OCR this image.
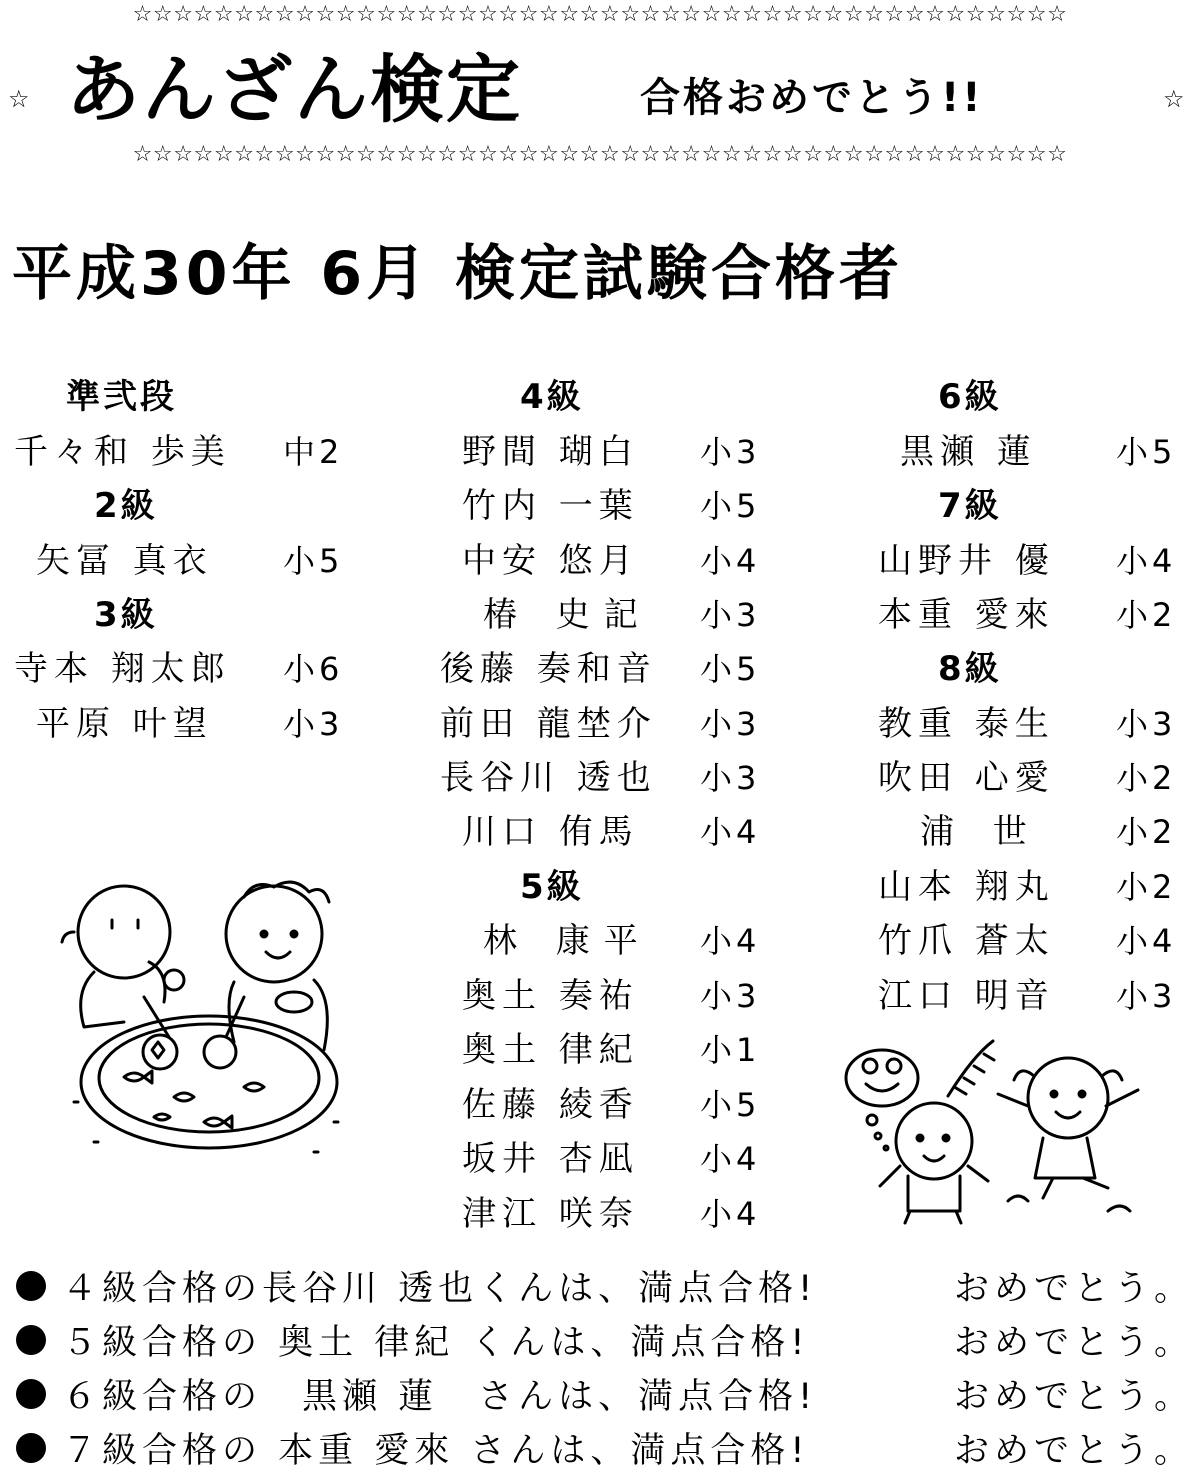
☆☆☆☆☆☆☆☆☆☆☆☆☆☆☆☆☆☆☆☆☆☆☆☆☆☆☆☆☆☆☆☆☆☆☆☆☆☆☆☆☆☆☆☆☆☆
☆ あんざん検定	合格おめでとう!!	☆
☆☆☆☆☆☆☆☆☆☆☆☆☆☆☆☆☆☆☆☆☆☆☆☆☆☆☆☆☆☆☆☆☆☆☆☆☆☆☆☆☆☆☆☆☆☆
平成30年 6月 検定試験合格者
準弐段
千々和 歩美 中2
2級
矢冨 真衣 小5
3級
寺本 翔太郎 小6
平原 叶望 小3
4級
野間 瑚白 小3
竹内 一葉 小5
中安 悠月 小4
椿 史記 小3
後藤 奏和音 小5
前田 龍埜介 小3
長谷川 透也 小3
川口 侑馬 小4
5級
林 康平 小4
奥土 奏祐 小3
奥土 律紀 小1
佐藤 綾香 小5
坂井 杏凪 小4
津江 咲奈 小4
6級
黒瀬 蓮 小5
7級
山野井 優 小4
本重 愛來 小2
8級
教重 泰生 小3
吹田 心愛 小2
浦 世 小2
山本 翔丸 小2
竹爪 蒼太 小4
江口 明音 小3
４級合格の長谷川 透也くんは、満点合格!	おめでとう。
５級合格の 奥土 律紀 くんは、満点合格!	おめでとう。
６級合格の　黒瀬 蓮　さんは、満点合格!	おめでとう。
７級合格の 本重 愛來 さんは、満点合格!	おめでとう。
